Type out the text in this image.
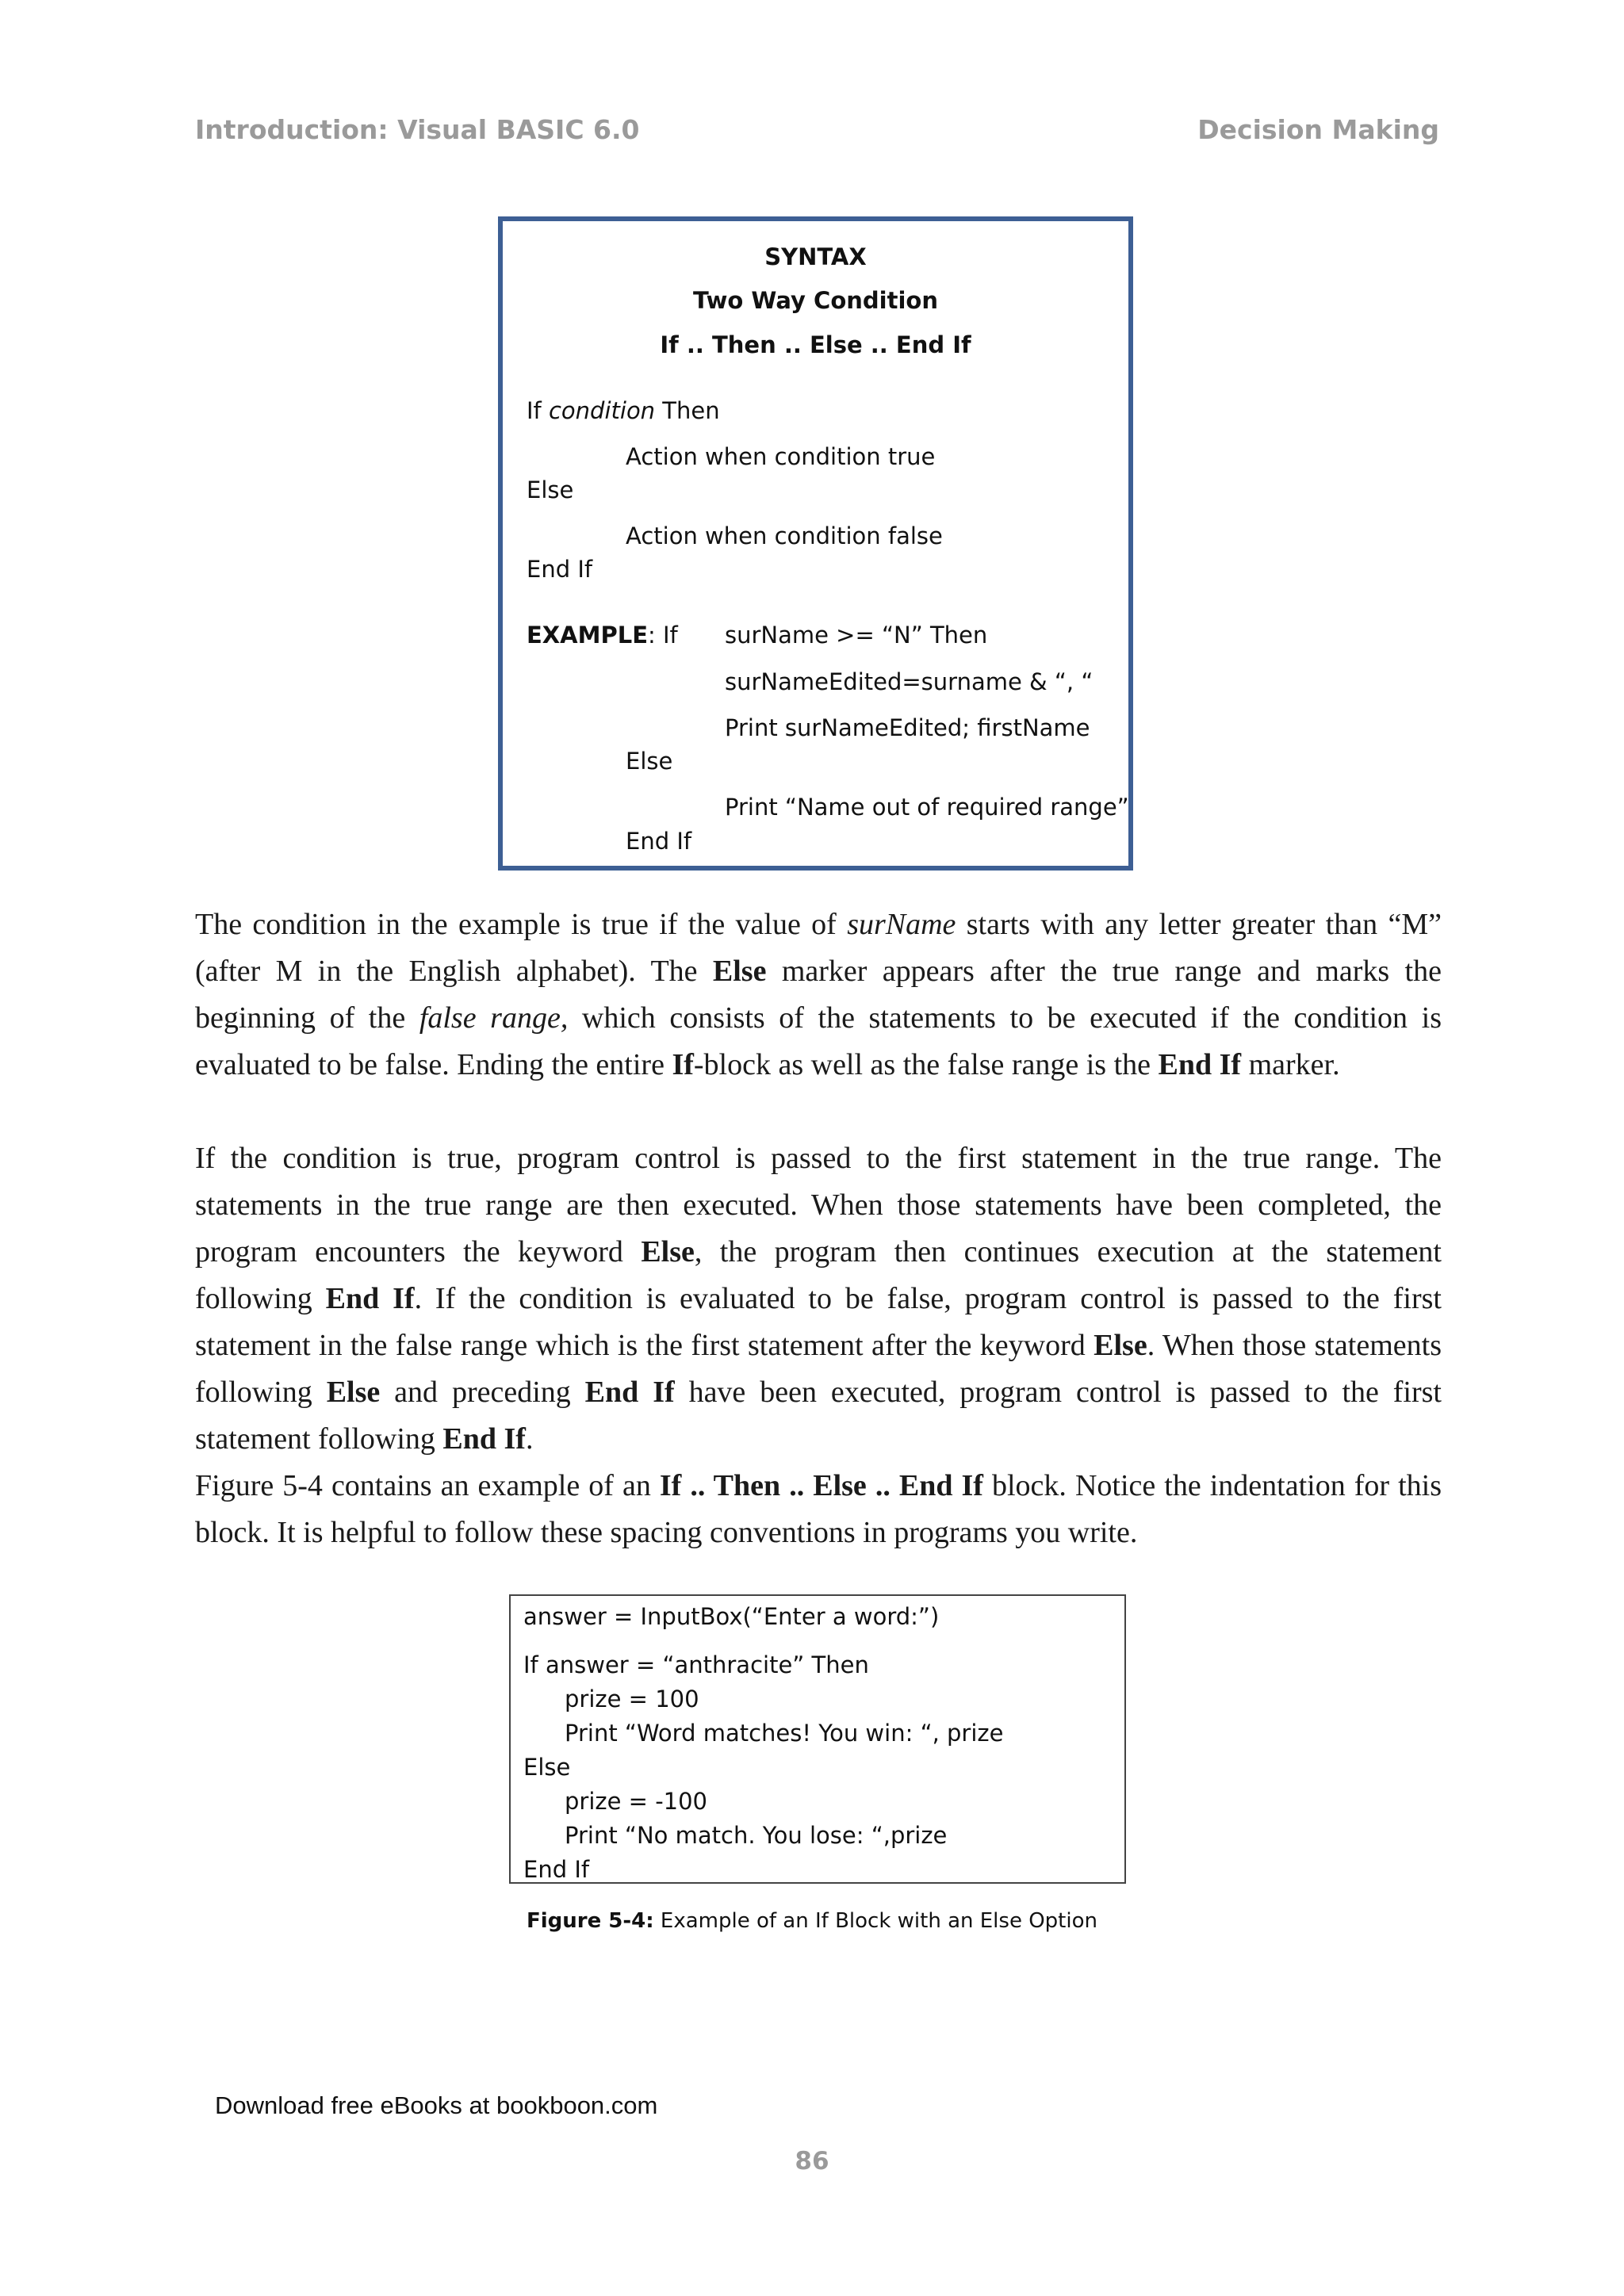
Introduction: Visual BASIC 6.0	Decision Making
SYNTAX
Two Way Condition
If .. Then .. Else .. End If
If condition Then
Action when condition true
Else
Action when condition false
End If
EXAMPLE: If surName >= “N” Then
surNameEdited=surname & “, “
Print surNameEdited; firstName
Else
Print “Name out of required range”
End If

The condition in the example is true if the value of surName starts with any letter greater than “M” (after M in the English alphabet). The Else marker appears after the true range and marks the beginning of the false range, which consists of the statements to be executed if the condition is evaluated to be false. Ending the entire If-block as well as the false range is the End If marker.

If the condition is true, program control is passed to the first statement in the true range. The statements in the true range are then executed. When those statements have been completed, the program encounters the keyword Else, the program then continues execution at the statement following End If. If the condition is evaluated to be false, program control is passed to the first statement in the false range which is the first statement after the keyword Else. When those statements following Else and preceding End If have been executed, program control is passed to the first statement following End If.

Figure 5-4 contains an example of an If .. Then .. Else .. End If block. Notice the indentation for this block. It is helpful to follow these spacing conventions in programs you write.

answer = InputBox(“Enter a word:”)
If answer = “anthracite” Then
prize = 100
Print “Word matches! You win: “, prize
Else
prize = -100
Print “No match. You lose: “,prize
End If
Figure 5-4: Example of an If Block with an Else Option
Download free eBooks at bookboon.com
86
